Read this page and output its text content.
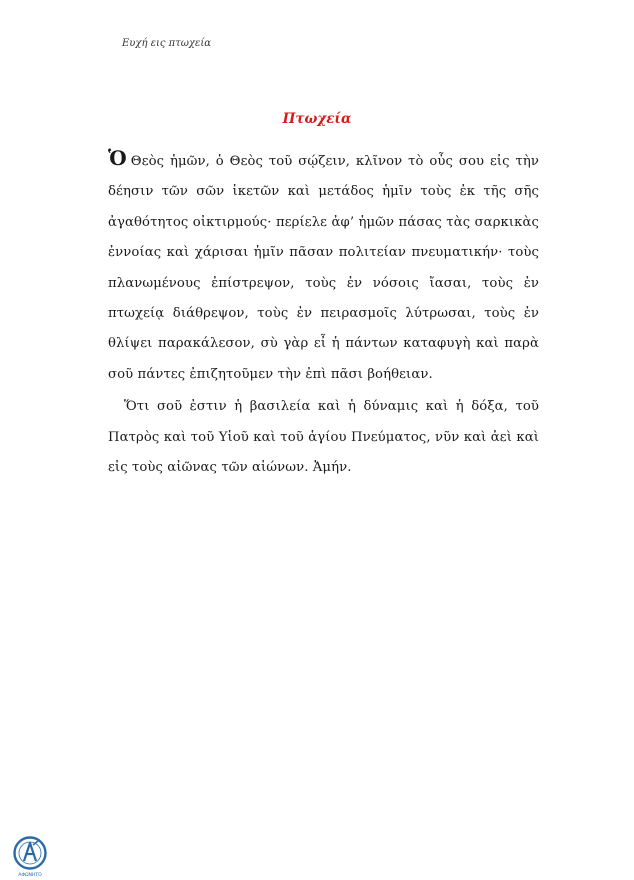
Ευχή εις πτωχεία
Πτωχεία

Ὁ Θεὸς ἡμῶν, ὁ Θεὸς τοῦ σῴζειν, κλῖνον τὸ οὖς σου εἰς τὴν δέησιν τῶν σῶν ἱκετῶν καὶ μετάδος ἡμῖν τοὺς ἐκ τῆς σῆς ἀγαθότητος οἰκτιρμούς· περίελε ἀφ’ ἡμῶν πάσας τὰς σαρκικὰς ἐννοίας καὶ χάρισαι ἡμῖν πᾶσαν πολιτείαν πνευματικήν· τοὺς πλανωμένους ἐπίστρεψον, τοὺς ἐν νόσοις ἴασαι, τοὺς ἐν πτωχείᾳ διάθρεψον, τοὺς ἐν πειρασμοῖς λύτρωσαι, τοὺς ἐν θλίψει παρακάλεσον, σὺ γὰρ εἶ ἡ πάντων καταφυγὴ καὶ παρὰ σοῦ πάντες ἐπιζητοῦμεν τὴν ἐπὶ πᾶσι βοήθειαν.

Ὅτι σοῦ ἐστιν ἡ βασιλεία καὶ ἡ δύναμις καὶ ἡ δόξα, τοῦ Πατρὸς καὶ τοῦ Υἱοῦ καὶ τοῦ ἁγίου Πνεύματος, νῦν καὶ ἀεὶ καὶ εἰς τοὺς αἰῶνας τῶν αἰώνων. Ἀμήν.

ΑΦΩΝΗΤΟ
